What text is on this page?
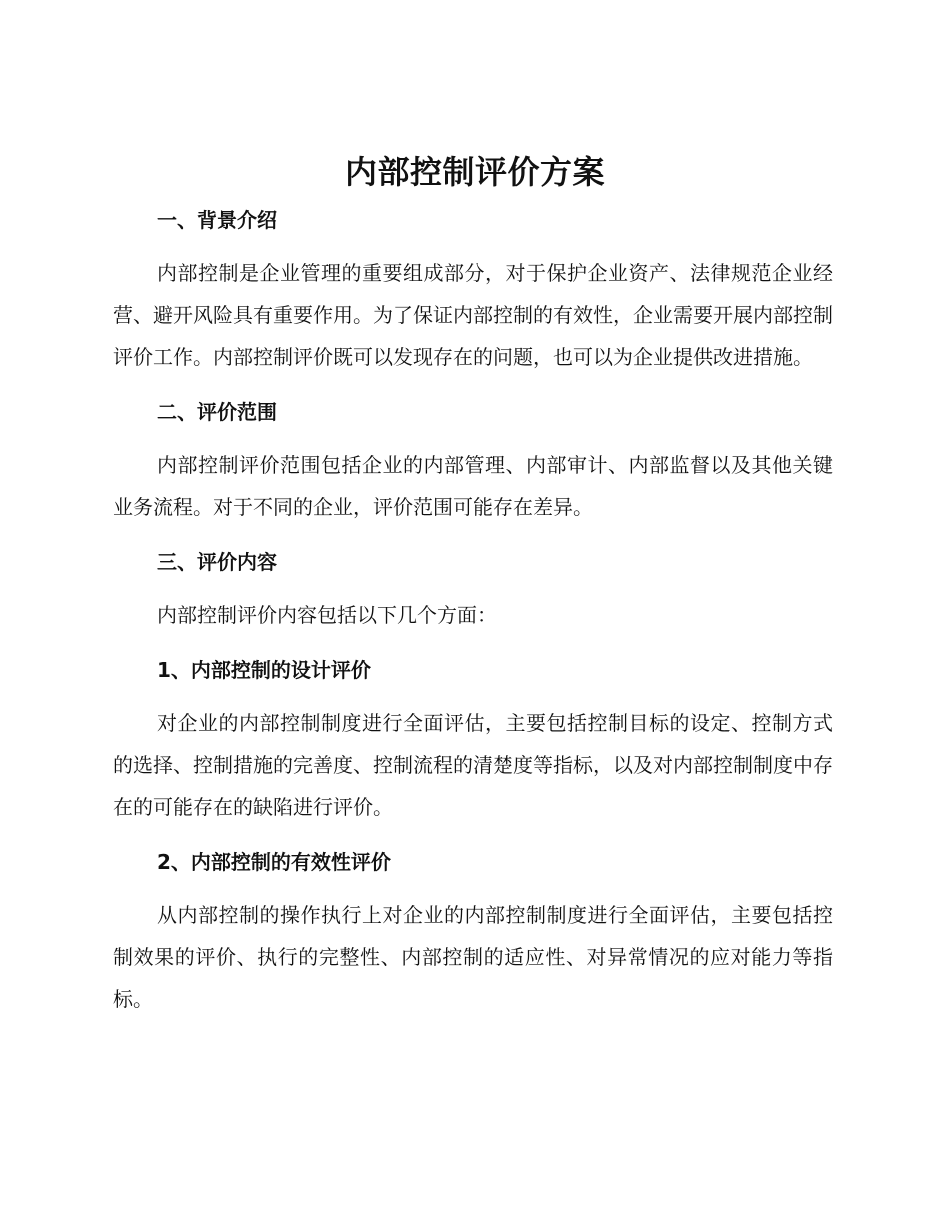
内部控制评价方案
一、背景介绍

内部控制是企业管理的重要组成部分，对于保护企业资产、法律规范企业经营、避开风险具有重要作用。为了保证内部控制的有效性，企业需要开展内部控制评价工作。内部控制评价既可以发现存在的问题，也可以为企业提供改进措施。

二、评价范围

内部控制评价范围包括企业的内部管理、内部审计、内部监督以及其他关键业务流程。对于不同的企业，评价范围可能存在差异。

三、评价内容

内部控制评价内容包括以下几个方面：

1、内部控制的设计评价

对企业的内部控制制度进行全面评估，主要包括控制目标的设定、控制方式的选择、控制措施的完善度、控制流程的清楚度等指标，以及对内部控制制度中存在的可能存在的缺陷进行评价。

2、内部控制的有效性评价

从内部控制的操作执行上对企业的内部控制制度进行全面评估，主要包括控制效果的评价、执行的完整性、内部控制的适应性、对异常情况的应对能力等指标。
